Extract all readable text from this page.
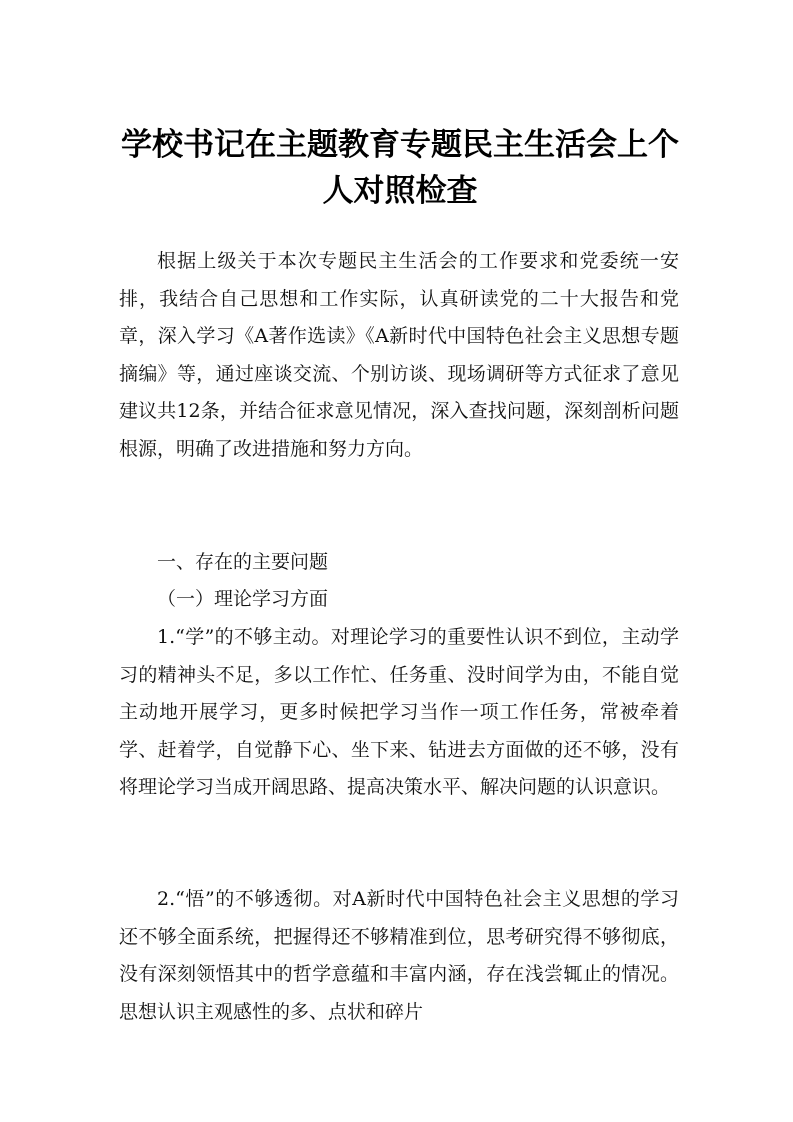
学校书记在主题教育专题民主生活会上个
人对照检查

根据上级关于本次专题民主生活会的工作要求和党委统一安排，我结合自己思想和工作实际，认真研读党的二十大报告和党章，深入学习《A著作选读》《A新时代中国特色社会主义思想专题摘编》等，通过座谈交流、个别访谈、现场调研等方式征求了意见建议共12条，并结合征求意见情况，深入查找问题，深刻剖析问题根源，明确了改进措施和努力方向。

一、存在的主要问题

（一）理论学习方面

1.“学”的不够主动。对理论学习的重要性认识不到位，主动学习的精神头不足，多以工作忙、任务重、没时间学为由，不能自觉主动地开展学习，更多时候把学习当作一项工作任务，常被牵着学、赶着学，自觉静下心、坐下来、钻进去方面做的还不够，没有将理论学习当成开阔思路、提高决策水平、解决问题的认识意识。

2.“悟”的不够透彻。对A新时代中国特色社会主义思想的学习还不够全面系统，把握得还不够精准到位，思考研究得不够彻底，没有深刻领悟其中的哲学意蕴和丰富内涵，存在浅尝辄止的情况。思想认识主观感性的多、点状和碎片
